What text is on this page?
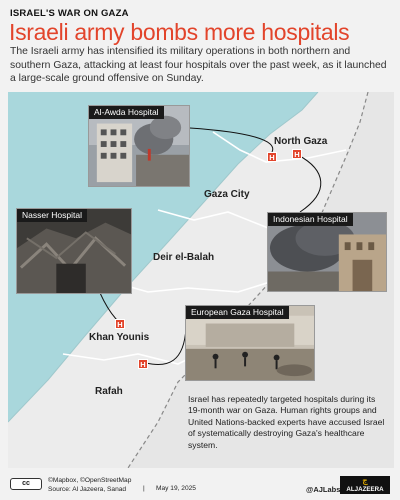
ISRAEL'S WAR ON GAZA
Israeli army bombs more hospitals
The Israeli army has intensified its military operations in both northern and southern Gaza, attacking at least four hospitals over the past week, as it launched a large-scale ground offensive on Sunday.
North Gaza
Gaza City
Deir el-Balah
Khan Younis
Rafah
H	H
H
H
Al-Awda Hospital
Indonesian Hospital
Nasser Hospital
European Gaza Hospital
Israel has repeatedly targeted hospitals during its 19-month war on Gaza. Human rights groups and United Nations-backed experts have accused Israel of systematically destroying Gaza's healthcare system.
cc	©Mapbox, ©OpenStreetMap
Source: Al Jazeera, Sanad	| May 19, 2025	@AJLabs
ج
ALJAZEERA
